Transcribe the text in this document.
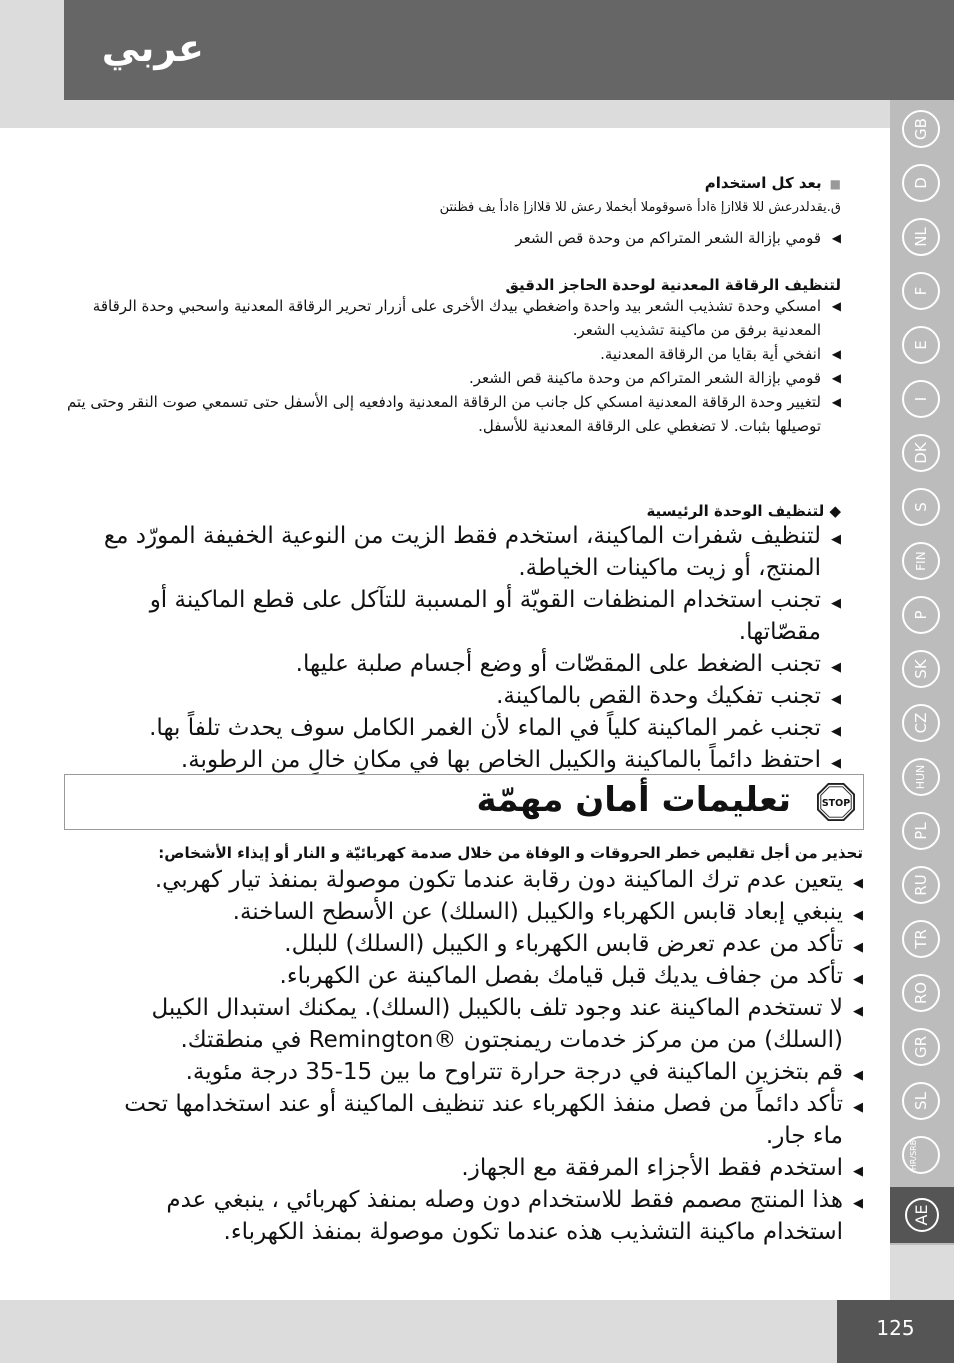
عربي
GB
D
NL
F
E
I
DK
S
FIN
P
SK
CZ
HUN
PL
RU
TR
RO
GR
SL
HR/SRB
AE
125
■ بعد كل استخدام
ق.يقدلدرعش للا قلاازإ ةادأ ةسوقوملا أبخملا رعش للا قلاازإ ةادأ يف فظنتن
◀ قومي بإزالة الشعر المتراكم من وحدة قص الشعر
لتنظيف الرقاقة المعدنية لوحدة الحاجز الدقيق
◀ امسكي وحدة تشذيب الشعر بيد واحدة واضغطي بيدك الأخرى على أزرار تحرير الرقاقة المعدنية واسحبي وحدة الرقاقة المعدنية برفق من ماكينة تشذيب الشعر.
◀ انفخي أية بقايا من الرقاقة المعدنية.
◀ قومي بإزالة الشعر المتراكم من وحدة ماكينة قص الشعر.
◀ لتغيير وحدة الرقاقة المعدنية امسكي كل جانب من الرقاقة المعدنية وادفعيه إلى الأسفل حتى تسمعي صوت النقر وحتى يتم توصيلها بثبات. لا تضغطي على الرقاقة المعدنية للأسفل.
◆ لتنظيف الوحدة الرئيسية
◀ لتنظيف شفرات الماكينة، استخدم فقط الزيت من النوعية الخفيفة المورّد مع المنتج، أو زيت ماكينات الخياطة.
◀ تجنب استخدام المنظفات القويّة أو المسببة للتآكل على قطع الماكينة أو مقصّاتها.
◀ تجنب الضغط على المقصّات أو وضع أجسام صلبة عليها.
◀ تجنب تفكيك وحدة القص بالماكينة.
◀ تجنب غمر الماكينة كلياً في الماء لأن الغمر الكامل سوف يحدث تلفاً بها.
◀ احتفظ دائماً بالماكينة والكيبل الخاص بها في مكانٍ خالٍ من الرطوبة.
تعليمات أمان مهمّة	STOP
تحذير من أجل تقليص خطر الحروقات و الوفاة من خلال صدمة كهربائيّة و النار أو إيذاء الأشخاص:
◀ يتعين عدم ترك الماكينة دون رقابة عندما تكون موصولة بمنفذ تيار كهربي.
◀ ينبغي إبعاد قابس الكهرباء والكيبل (السلك) عن الأسطح الساخنة.
◀ تأكد من عدم تعرض قابس الكهرباء و الكيبل (السلك) للبلل.
◀ تأكد من جفاف يديك قبل قيامك بفصل الماكينة عن الكهرباء.
◀ لا تستخدم الماكينة عند وجود تلف بالكيبل (السلك). يمكنك استبدال الكيبل (السلك) من من مركز خدمات ريمنجتون ®Remington في منطقتك.
◀ قم بتخزين الماكينة في درجة حرارة تتراوح ما بين 15-35 درجة مئوية.
◀ تأكد دائماً من فصل منفذ الكهرباء عند تنظيف الماكينة أو عند استخدامها تحت ماء جار.
◀ استخدم فقط الأجزاء المرفقة مع الجهاز.
◀ هذا المنتج مصمم فقط للاستخدام دون وصله بمنفذ كهربائي ، ينبغي عدم استخدام ماكينة التشذيب هذه عندما تكون موصولة بمنفذ الكهرباء.
